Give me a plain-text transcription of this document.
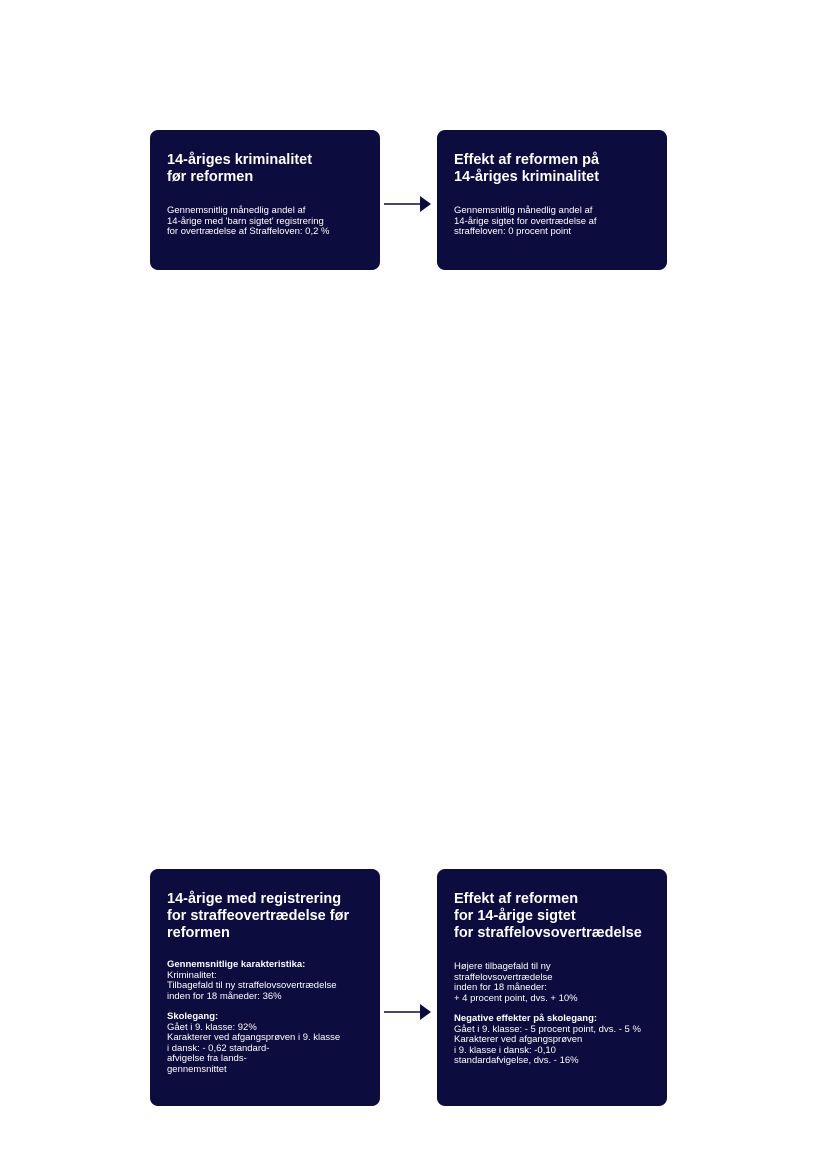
14-åriges kriminalitet
før reformen

Gennemsnitlig månedlig andel af
14-årige med 'barn sigtet' registrering
for overtrædelse af Straffeloven: 0,2 %

Effekt af reformen på
14-åriges kriminalitet

Gennemsnitlig månedlig andel af
14-årige sigtet for overtrædelse af
straffeloven: 0 procent point

14-årige med registrering
for straffeovertrædelse før
reformen
Gennemsnitlige karakteristika:

Kriminalitet:
Tilbagefald til ny straffelovsovertrædelse
inden for 18 måneder: 36%

Skolegang:

Gået i 9. klasse: 92%
Karakterer ved afgangsprøven i 9. klasse
i dansk: - 0,62 standard-
afvigelse fra lands-
gennemsnittet

Effekt af reformen
for 14-årige sigtet
for straffelovsovertrædelse

Højere tilbagefald til ny
straffelovsovertrædelse
inden for 18 måneder:
+ 4 procent point, dvs. + 10%

Negative effekter på skolegang:

Gået i 9. klasse: - 5 procent point, dvs. - 5 %
Karakterer ved afgangsprøven
i 9. klasse i dansk: -0,10
standardafvigelse, dvs. - 16%
